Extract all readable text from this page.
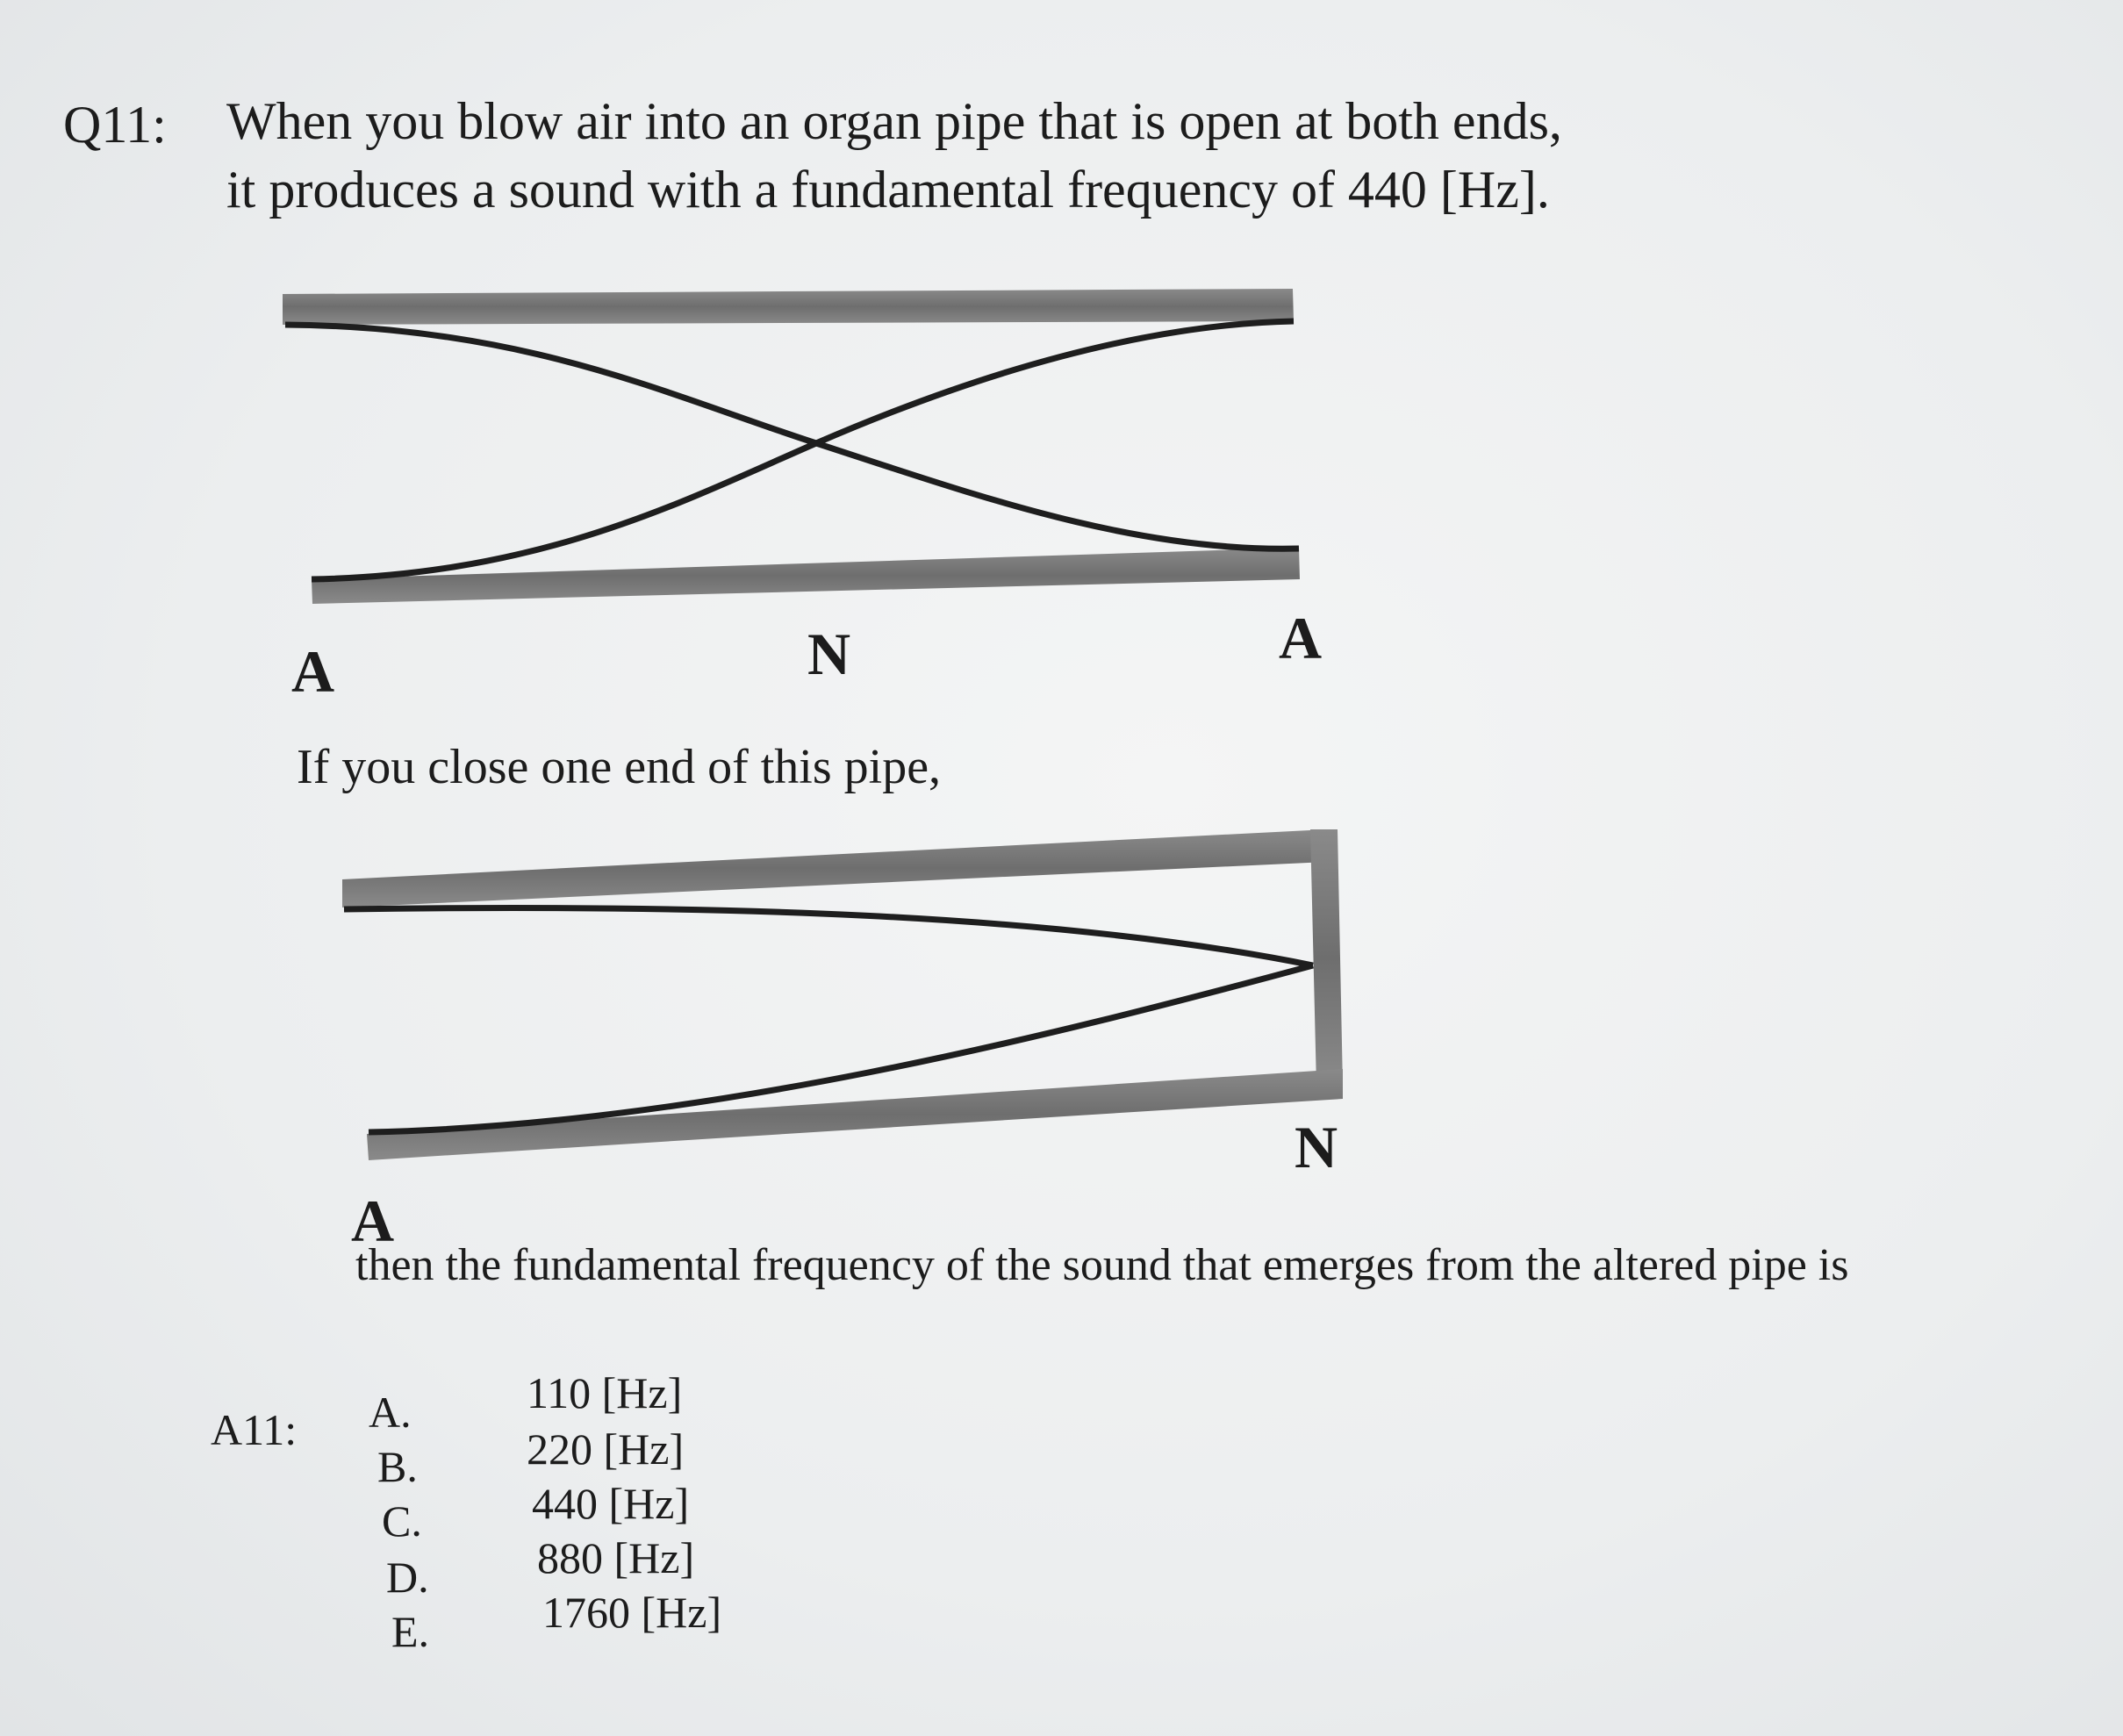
Q11: When you blow air into an organ pipe that is open at both ends,
it produces a sound with a fundamental frequency of 440 [Hz].
A	N	A
If you close one end of this pipe,
A
N
then the fundamental frequency of the sound that emerges from the altered pipe is
A11: A.	110 [Hz]
B. 220 [Hz]
C.	440 [Hz]
D. 880 [Hz]
E.	1760 [Hz]
